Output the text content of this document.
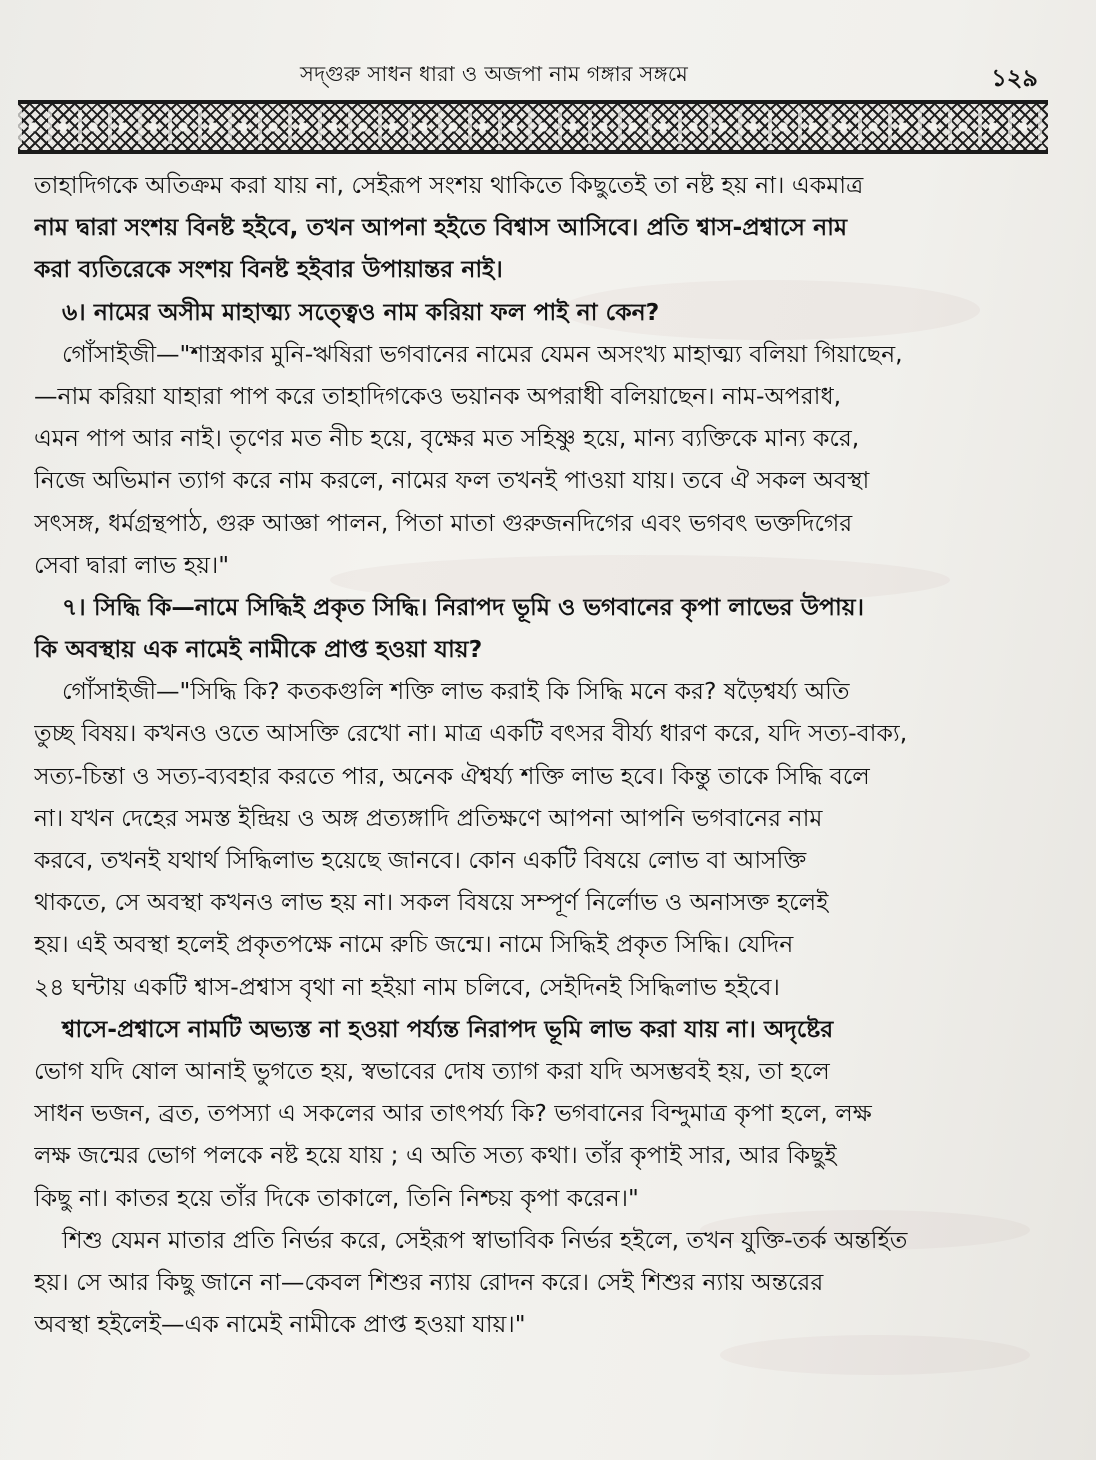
সদ্‌গুরু সাধন ধারা ও অজপা নাম গঙ্গার সঙ্গমে	১২৯
তাহাদিগকে অতিক্রম করা যায় না, সেইরূপ সংশয় থাকিতে কিছুতেই তা নষ্ট হয় না। একমাত্র
নাম দ্বারা সংশয় বিনষ্ট হইবে, তখন আপনা হইতে বিশ্বাস আসিবে। প্রতি শ্বাস-প্রশ্বাসে নাম
করা ব্যতিরেকে সংশয় বিনষ্ট হইবার উপায়ান্তর নাই।
৬। নামের অসীম মাহাত্ম্য সত্ত্বেও নাম করিয়া ফল পাই না কেন?
গোঁসাইজী—"শাস্ত্রকার মুনি-ঋষিরা ভগবানের নামের যেমন অসংখ্য মাহাত্ম্য বলিয়া গিয়াছেন,
—নাম করিয়া যাহারা পাপ করে তাহাদিগকেও ভয়ানক অপরাধী বলিয়াছেন। নাম-অপরাধ,
এমন পাপ আর নাই। তৃণের মত নীচ হয়ে, বৃক্ষের মত সহিষ্ণু হয়ে, মান্য ব্যক্তিকে মান্য করে,
নিজে অভিমান ত্যাগ করে নাম করলে, নামের ফল তখনই পাওয়া যায়। তবে ঐ সকল অবস্থা
সৎসঙ্গ, ধর্মগ্রন্থপাঠ, গুরু আজ্ঞা পালন, পিতা মাতা গুরুজনদিগের এবং ভগবৎ ভক্তদিগের
সেবা দ্বারা লাভ হয়।"
৭। সিদ্ধি কি—নামে সিদ্ধিই প্রকৃত সিদ্ধি। নিরাপদ ভূমি ও ভগবানের কৃপা লাভের উপায়।
কি অবস্থায় এক নামেই নামীকে প্রাপ্ত হওয়া যায়?
গোঁসাইজী—"সিদ্ধি কি? কতকগুলি শক্তি লাভ করাই কি সিদ্ধি মনে কর? ষড়ৈশ্বর্য্য অতি
তুচ্ছ বিষয়। কখনও ওতে আসক্তি রেখো না। মাত্র একটি বৎসর বীর্য্য ধারণ করে, যদি সত্য-বাক্য,
সত্য-চিন্তা ও সত্য-ব্যবহার করতে পার, অনেক ঐশ্বর্য্য শক্তি লাভ হবে। কিন্তু তাকে সিদ্ধি বলে
না। যখন দেহের সমস্ত ইন্দ্রিয় ও অঙ্গ প্রত্যঙ্গাদি প্রতিক্ষণে আপনা আপনি ভগবানের নাম
করবে, তখনই যথার্থ সিদ্ধিলাভ হয়েছে জানবে। কোন একটি বিষয়ে লোভ বা আসক্তি
থাকতে, সে অবস্থা কখনও লাভ হয় না। সকল বিষয়ে সম্পূর্ণ নির্লোভ ও অনাসক্ত হলেই
হয়। এই অবস্থা হলেই প্রকৃতপক্ষে নামে রুচি জন্মে। নামে সিদ্ধিই প্রকৃত সিদ্ধি। যেদিন
২৪ ঘন্টায় একটি শ্বাস-প্রশ্বাস বৃথা না হইয়া নাম চলিবে, সেইদিনই সিদ্ধিলাভ হইবে।
শ্বাসে-প্রশ্বাসে নামটি অভ্যস্ত না হওয়া পর্য্যন্ত নিরাপদ ভূমি লাভ করা যায় না। অদৃষ্টের
ভোগ যদি ষোল আনাই ভুগতে হয়, স্বভাবের দোষ ত্যাগ করা যদি অসম্ভবই হয়, তা হলে
সাধন ভজন, ব্রত, তপস্যা এ সকলের আর তাৎপর্য্য কি? ভগবানের বিন্দুমাত্র কৃপা হলে, লক্ষ
লক্ষ জন্মের ভোগ পলকে নষ্ট হয়ে যায় ; এ অতি সত্য কথা। তাঁর কৃপাই সার, আর কিছুই
কিছু না। কাতর হয়ে তাঁর দিকে তাকালে, তিনি নিশ্চয় কৃপা করেন।"
শিশু যেমন মাতার প্রতি নির্ভর করে, সেইরূপ স্বাভাবিক নির্ভর হইলে, তখন যুক্তি-তর্ক অন্তর্হিত
হয়। সে আর কিছু জানে না—কেবল শিশুর ন্যায় রোদন করে। সেই শিশুর ন্যায় অন্তরের
অবস্থা হইলেই—এক নামেই নামীকে প্রাপ্ত হওয়া যায়।"
